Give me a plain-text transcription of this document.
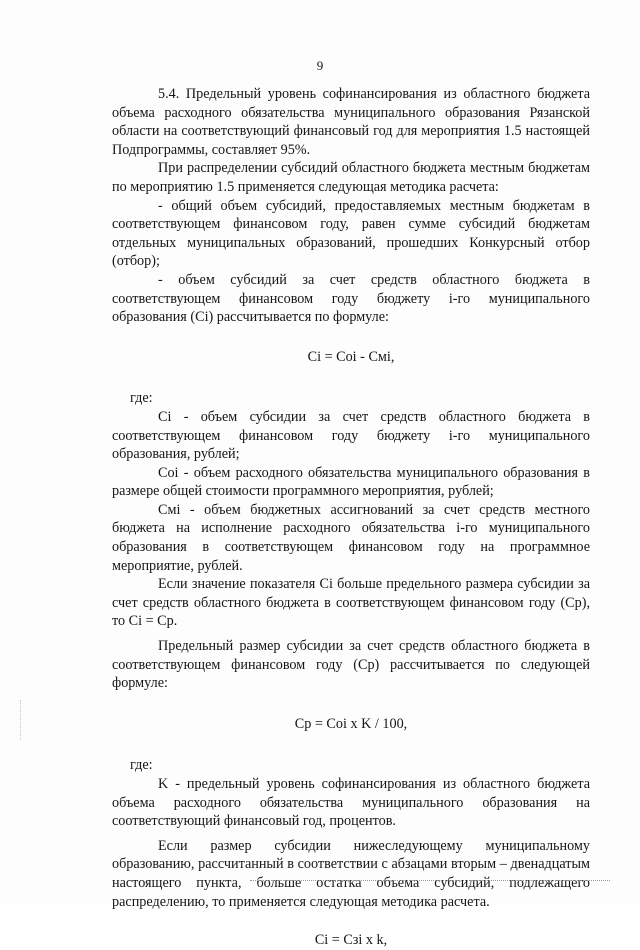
9

5.4. Предельный уровень софинансирования из областного бюджета объема расходного обязательства муниципального образования Рязанской области на соответствующий финансовый год для мероприятия 1.5 настоящей Подпрограммы, составляет 95%.

При распределении субсидий областного бюджета местным бюджетам по мероприятию 1.5 применяется следующая методика расчета:

- общий объем субсидий, предоставляемых местным бюджетам в соответствующем финансовом году, равен сумме субсидий бюджетам отдельных муниципальных образований, прошедших Конкурсный отбор (отбор);

- объем субсидий за счет средств областного бюджета в соответствующем финансовом году бюджету i-го муниципального образования (Ci) рассчитывается по формуле:

Ci = Coi - Cмi,

где:

Ci - объем субсидии за счет средств областного бюджета в соответствующем финансовом году бюджету i-го муниципального образования, рублей;

Coi - объем расходного обязательства муниципального образования в размере общей стоимости программного мероприятия, рублей;

Cмi - объем бюджетных ассигнований за счет средств местного бюджета на исполнение расходного обязательства i-го муниципального образования в соответствующем финансовом году на программное мероприятие, рублей.

Если значение показателя Ci больше предельного размера субсидии за счет средств областного бюджета в соответствующем финансовом году (Cp), то Ci = Cp.

Предельный размер субсидии за счет средств областного бюджета в соответствующем финансовом году (Cp) рассчитывается по следующей формуле:

Cp = Coi x K / 100,

где:

K - предельный уровень софинансирования из областного бюджета объема расходного обязательства муниципального образования на соответствующий финансовый год, процентов.

Если размер субсидии нижеследующему муниципальному образованию, рассчитанный в соответствии с абзацами вторым – двенадцатым настоящего пункта, больше остатка объема субсидий, подлежащего распределению, то применяется следующая методика расчета.

Ci = Cзi x k,
